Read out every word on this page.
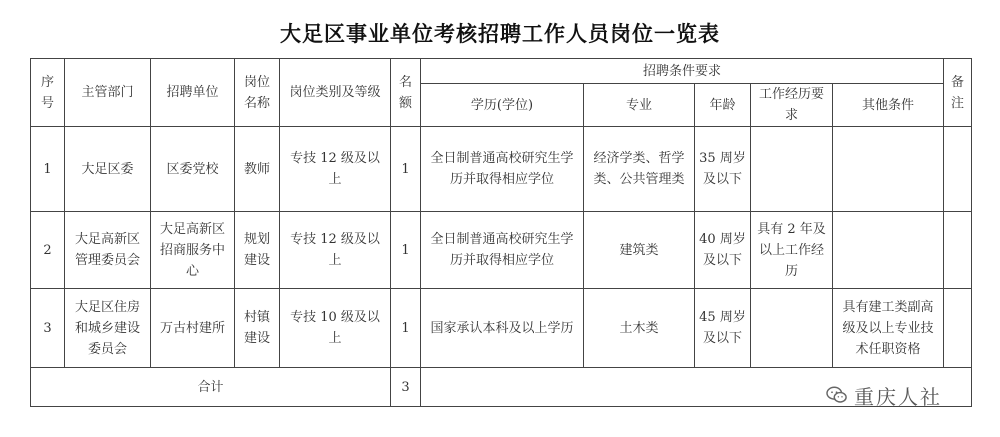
大足区事业单位考核招聘工作人员岗位一览表
序号	主管部门	招聘单位	岗位名称	岗位类别及等级	名额	招聘条件要求					备注
						学历(学位)	专业	年龄	工作经历要求	其他条件	
1	大足区委	区委党校	教师	专技 12 级及以上	1	全日制普通高校研究生学历并取得相应学位	经济学类、哲学类、公共管理类	35 周岁及以下			
2	大足高新区管理委员会	大足高新区招商服务中心	规划建设	专技 12 级及以上	1	全日制普通高校研究生学历并取得相应学位	建筑类	40 周岁及以下	具有 2 年及以上工作经历		
3	大足区住房和城乡建设委员会	万古村建所	村镇建设	专技 10 级及以上	1	国家承认本科及以上学历	土木类	45 周岁及以下		具有建工类副高级及以上专业技术任职资格	
合计					3							重庆人社
